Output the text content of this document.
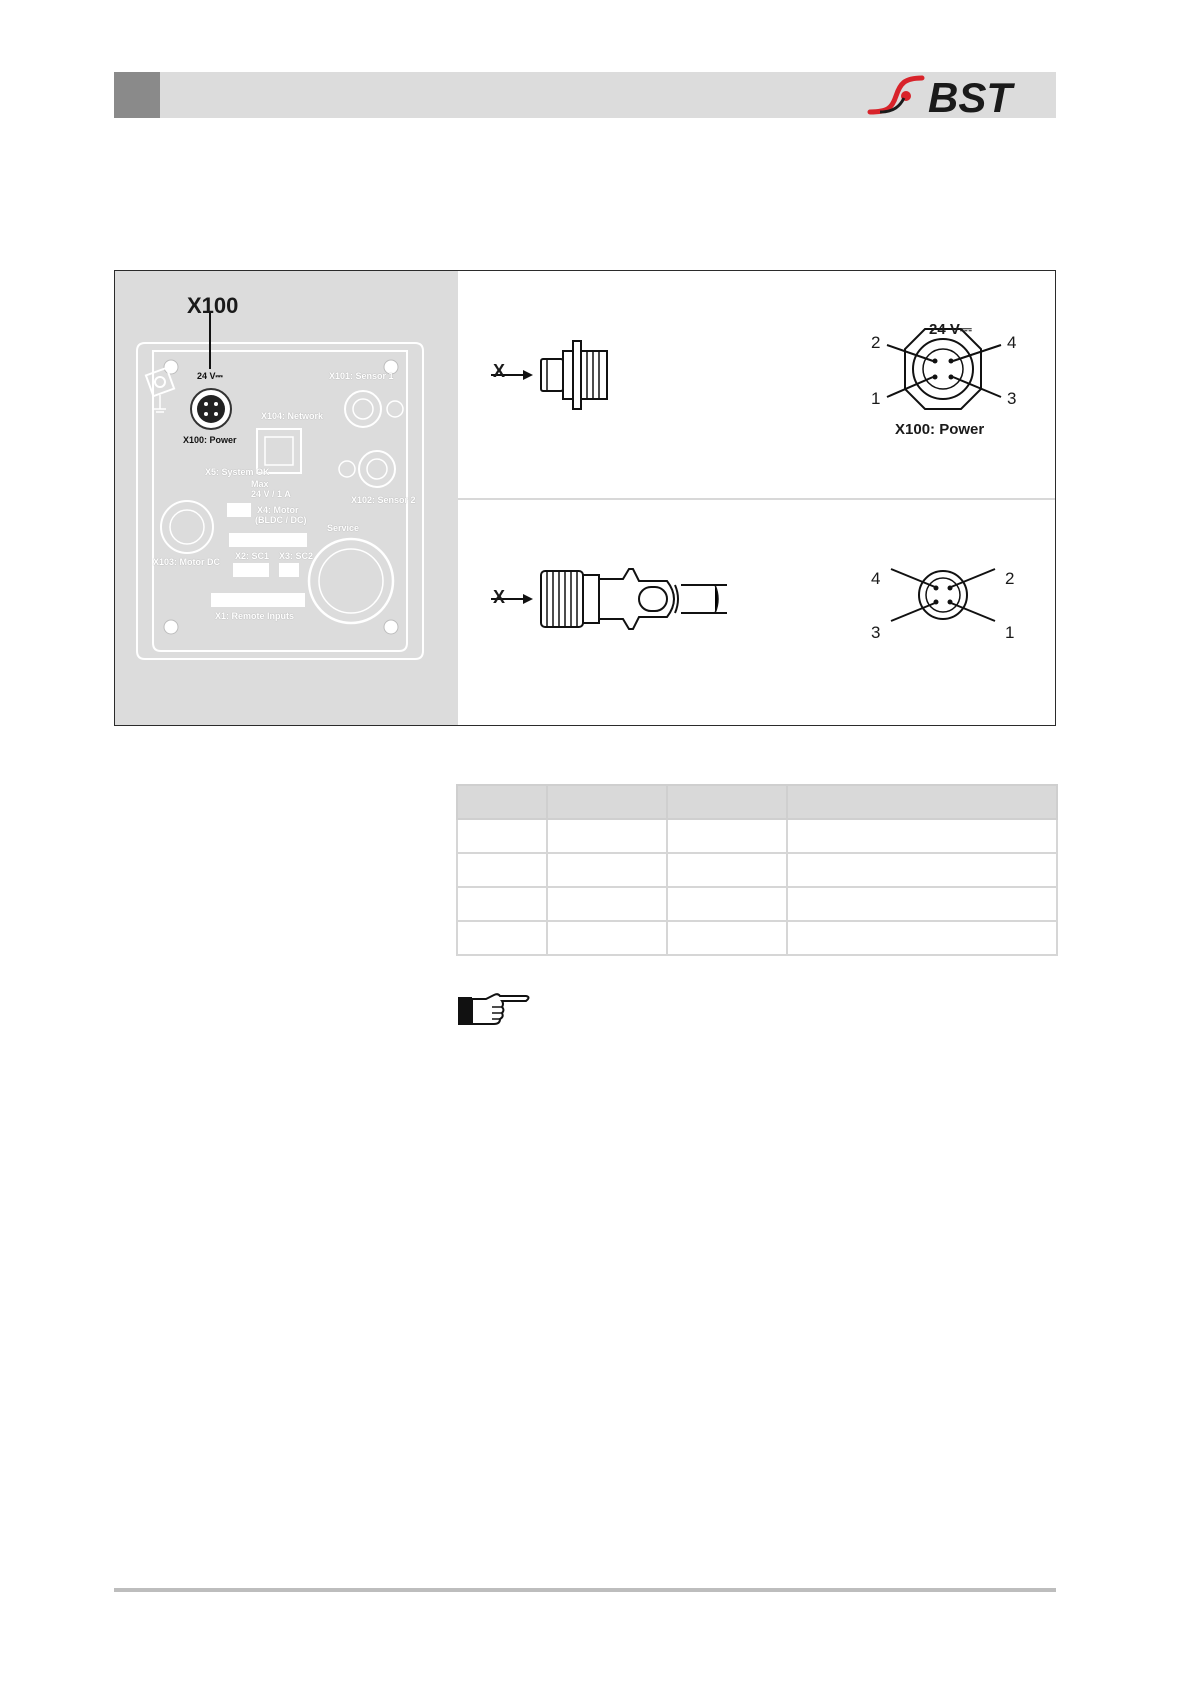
BST
X100
24 V⎓
X100: Power
X101: Sensor 1
X104: Network
X5: System OK
Max
24 V / 1 A
X102: Sensor 2
X4: Motor
(BLDC / DC)
Service
X103: Motor DC
X2: SC1 X3: SC2
X1: Remote Inputs
X
24 V⎓
2	4
1	3
X100: Power
X
4	2
3	1
